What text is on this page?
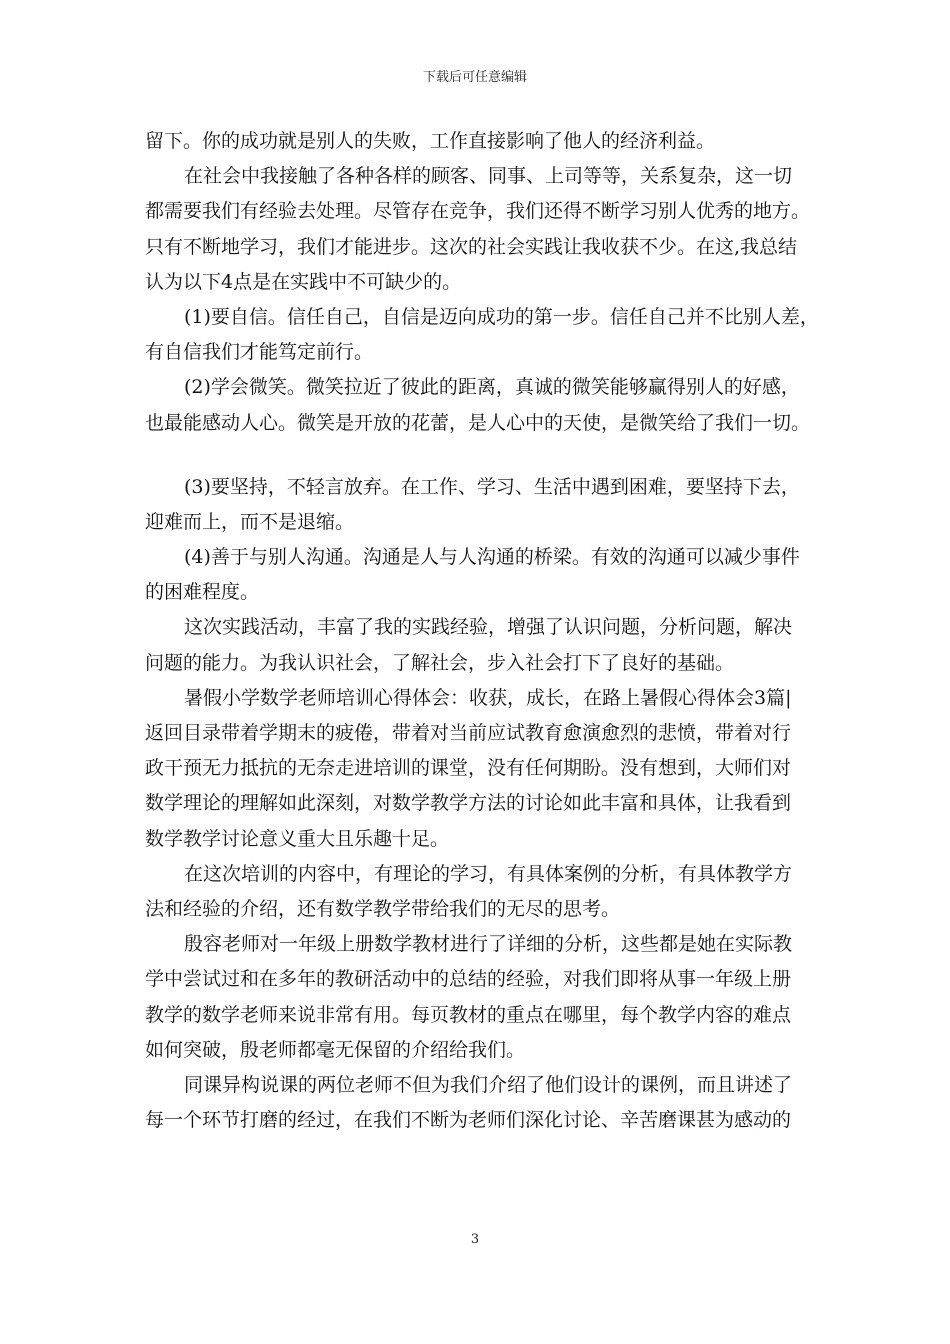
下载后可任意编辑
留下。你的成功就是别人的失败，工作直接影响了他人的经济利益。
在社会中我接触了各种各样的顾客、同事、上司等等，关系复杂，这一切
都需要我们有经验去处理。尽管存在竞争，我们还得不断学习别人优秀的地方。
只有不断地学习，我们才能进步。这次的社会实践让我收获不少。在这,我总结
认为以下4点是在实践中不可缺少的。
(1)要自信。信任自己，自信是迈向成功的第一步。信任自己并不比别人差，
有自信我们才能笃定前行。
(2)学会微笑。微笑拉近了彼此的距离，真诚的微笑能够赢得别人的好感，
也最能感动人心。微笑是开放的花蕾，是人心中的天使，是微笑给了我们一切。
(3)要坚持，不轻言放弃。在工作、学习、生活中遇到困难，要坚持下去，
迎难而上，而不是退缩。
(4)善于与别人沟通。沟通是人与人沟通的桥梁。有效的沟通可以减少事件
的困难程度。
这次实践活动，丰富了我的实践经验，增强了认识问题，分析问题，解决
问题的能力。为我认识社会，了解社会，步入社会打下了良好的基础。
暑假小学数学老师培训心得体会：收获，成长，在路上暑假心得体会3篇|
返回目录带着学期末的疲倦，带着对当前应试教育愈演愈烈的悲愤，带着对行
政干预无力抵抗的无奈走进培训的课堂，没有任何期盼。没有想到，大师们对
数学理论的理解如此深刻，对数学教学方法的讨论如此丰富和具体，让我看到
数学教学讨论意义重大且乐趣十足。
在这次培训的内容中，有理论的学习，有具体案例的分析，有具体教学方
法和经验的介绍，还有数学教学带给我们的无尽的思考。
殷容老师对一年级上册数学教材进行了详细的分析，这些都是她在实际教
学中尝试过和在多年的教研活动中的总结的经验，对我们即将从事一年级上册
教学的数学老师来说非常有用。每页教材的重点在哪里，每个教学内容的难点
如何突破，殷老师都毫无保留的介绍给我们。
同课异构说课的两位老师不但为我们介绍了他们设计的课例，而且讲述了
每一个环节打磨的经过，在我们不断为老师们深化讨论、辛苦磨课甚为感动的
3
